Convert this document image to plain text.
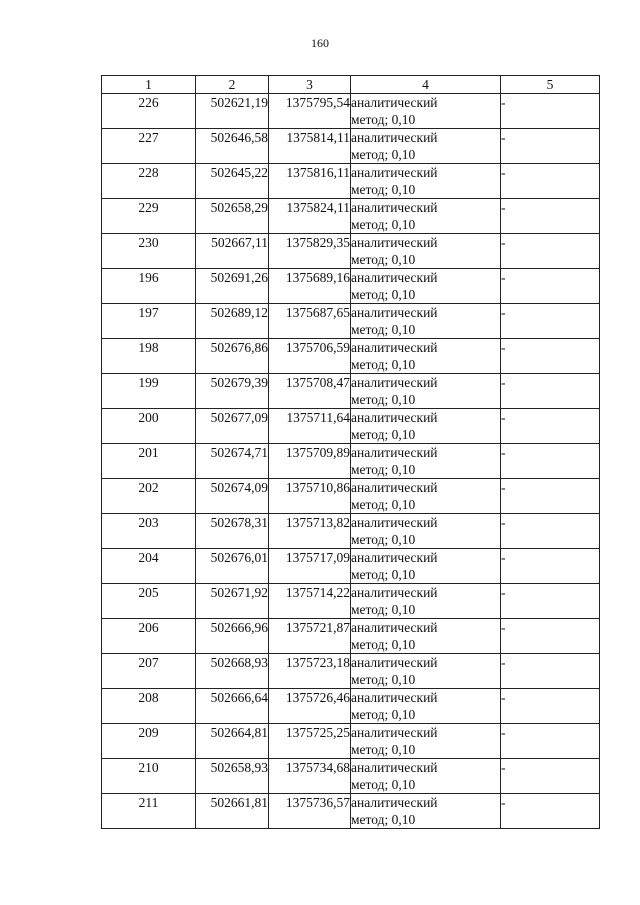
160
1	2	3	4	5
226	502621,19	1375795,54	аналитический
метод; 0,10	-
227	502646,58	1375814,11	аналитический
метод; 0,10	-
228	502645,22	1375816,11	аналитический
метод; 0,10	-
229	502658,29	1375824,11	аналитический
метод; 0,10	-
230	502667,11	1375829,35	аналитический
метод; 0,10	-
196	502691,26	1375689,16	аналитический
метод; 0,10	-
197	502689,12	1375687,65	аналитический
метод; 0,10	-
198	502676,86	1375706,59	аналитический
метод; 0,10	-
199	502679,39	1375708,47	аналитический
метод; 0,10	-
200	502677,09	1375711,64	аналитический
метод; 0,10	-
201	502674,71	1375709,89	аналитический
метод; 0,10	-
202	502674,09	1375710,86	аналитический
метод; 0,10	-
203	502678,31	1375713,82	аналитический
метод; 0,10	-
204	502676,01	1375717,09	аналитический
метод; 0,10	-
205	502671,92	1375714,22	аналитический
метод; 0,10	-
206	502666,96	1375721,87	аналитический
метод; 0,10	-
207	502668,93	1375723,18	аналитический
метод; 0,10	-
208	502666,64	1375726,46	аналитический
метод; 0,10	-
209	502664,81	1375725,25	аналитический
метод; 0,10	-
210	502658,93	1375734,68	аналитический
метод; 0,10	-
211	502661,81	1375736,57	аналитический
метод; 0,10	-
